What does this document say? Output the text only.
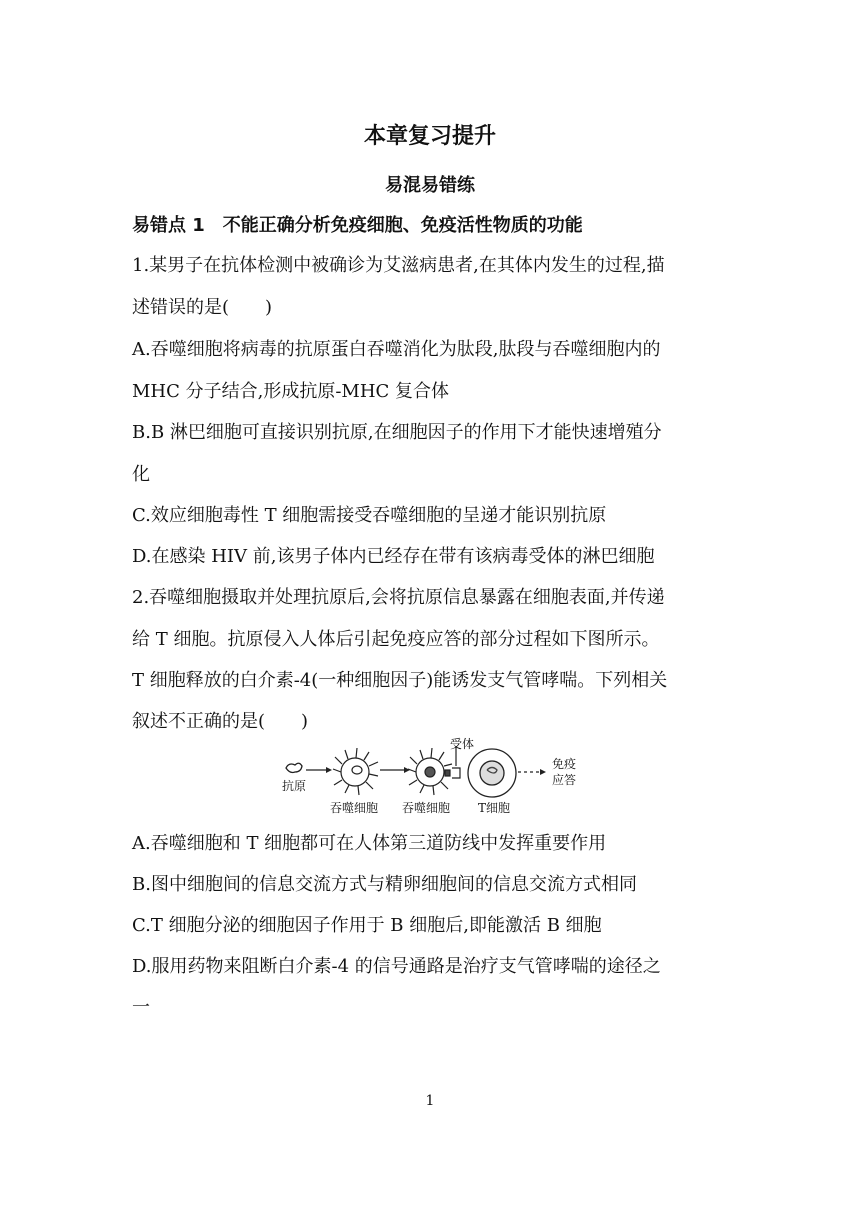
本章复习提升
易混易错练
易错点 1　不能正确分析免疫细胞、免疫活性物质的功能
1.某男子在抗体检测中被确诊为艾滋病患者,在其体内发生的过程,描
述错误的是(　　)
A.吞噬细胞将病毒的抗原蛋白吞噬消化为肽段,肽段与吞噬细胞内的
MHC 分子结合,形成抗原-MHC 复合体
B.B 淋巴细胞可直接识别抗原,在细胞因子的作用下才能快速增殖分
化
C.效应细胞毒性 T 细胞需接受吞噬细胞的呈递才能识别抗原
D.在感染 HIV 前,该男子体内已经存在带有该病毒受体的淋巴细胞
2.吞噬细胞摄取并处理抗原后,会将抗原信息暴露在细胞表面,并传递
给 T 细胞。抗原侵入人体后引起免疫应答的部分过程如下图所示。
T 细胞释放的白介素-4(一种细胞因子)能诱发支气管哮喘。下列相关
叙述不正确的是(　　)
受体
抗原
吞噬细胞 吞噬细胞 T细胞
免疫
应答
A.吞噬细胞和 T 细胞都可在人体第三道防线中发挥重要作用
B.图中细胞间的信息交流方式与精卵细胞间的信息交流方式相同
C.T 细胞分泌的细胞因子作用于 B 细胞后,即能激活 B 细胞
D.服用药物来阻断白介素-4 的信号通路是治疗支气管哮喘的途径之
一
1
